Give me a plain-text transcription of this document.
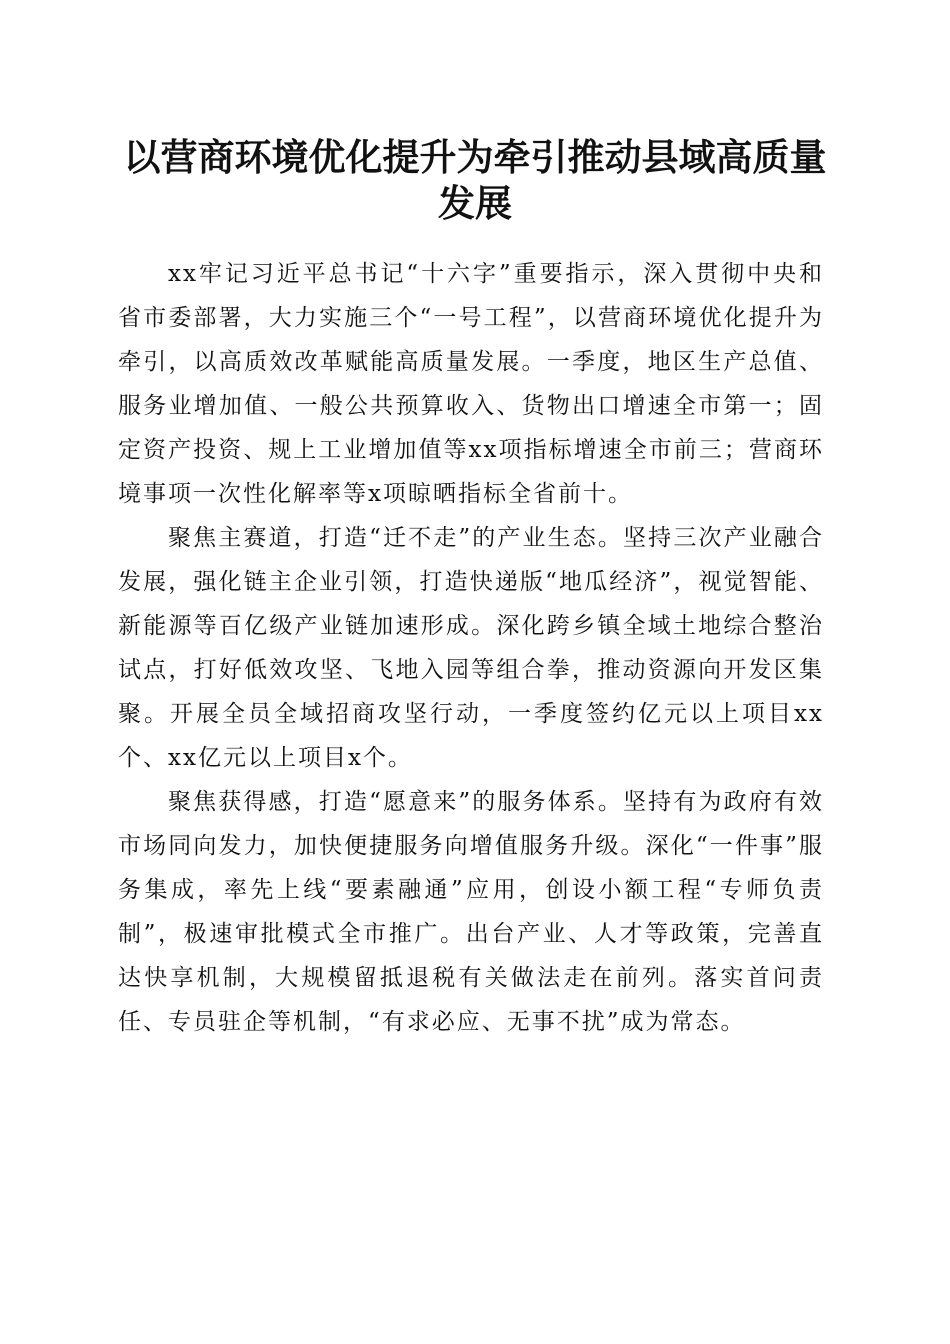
以营商环境优化提升为牵引推动县域高质量发展

xx牢记习近平总书记“十六字”重要指示，深入贯彻中央和省市委部署，大力实施三个“一号工程”，以营商环境优化提升为牵引，以高质效改革赋能高质量发展。一季度，地区生产总值、服务业增加值、一般公共预算收入、货物出口增速全市第一；固定资产投资、规上工业增加值等xx项指标增速全市前三；营商环境事项一次性化解率等x项晾晒指标全省前十。

聚焦主赛道，打造“迁不走”的产业生态。坚持三次产业融合发展，强化链主企业引领，打造快递版“地瓜经济”，视觉智能、新能源等百亿级产业链加速形成。深化跨乡镇全域土地综合整治试点，打好低效攻坚、飞地入园等组合拳，推动资源向开发区集聚。开展全员全域招商攻坚行动，一季度签约亿元以上项目xx个、xx亿元以上项目x个。

聚焦获得感，打造“愿意来”的服务体系。坚持有为政府有效市场同向发力，加快便捷服务向增值服务升级。深化“一件事”服务集成，率先上线“要素融通”应用，创设小额工程“专师负责制”，极速审批模式全市推广。出台产业、人才等政策，完善直达快享机制，大规模留抵退税有关做法走在前列。落实首问责任、专员驻企等机制，“有求必应、无事不扰”成为常态。
